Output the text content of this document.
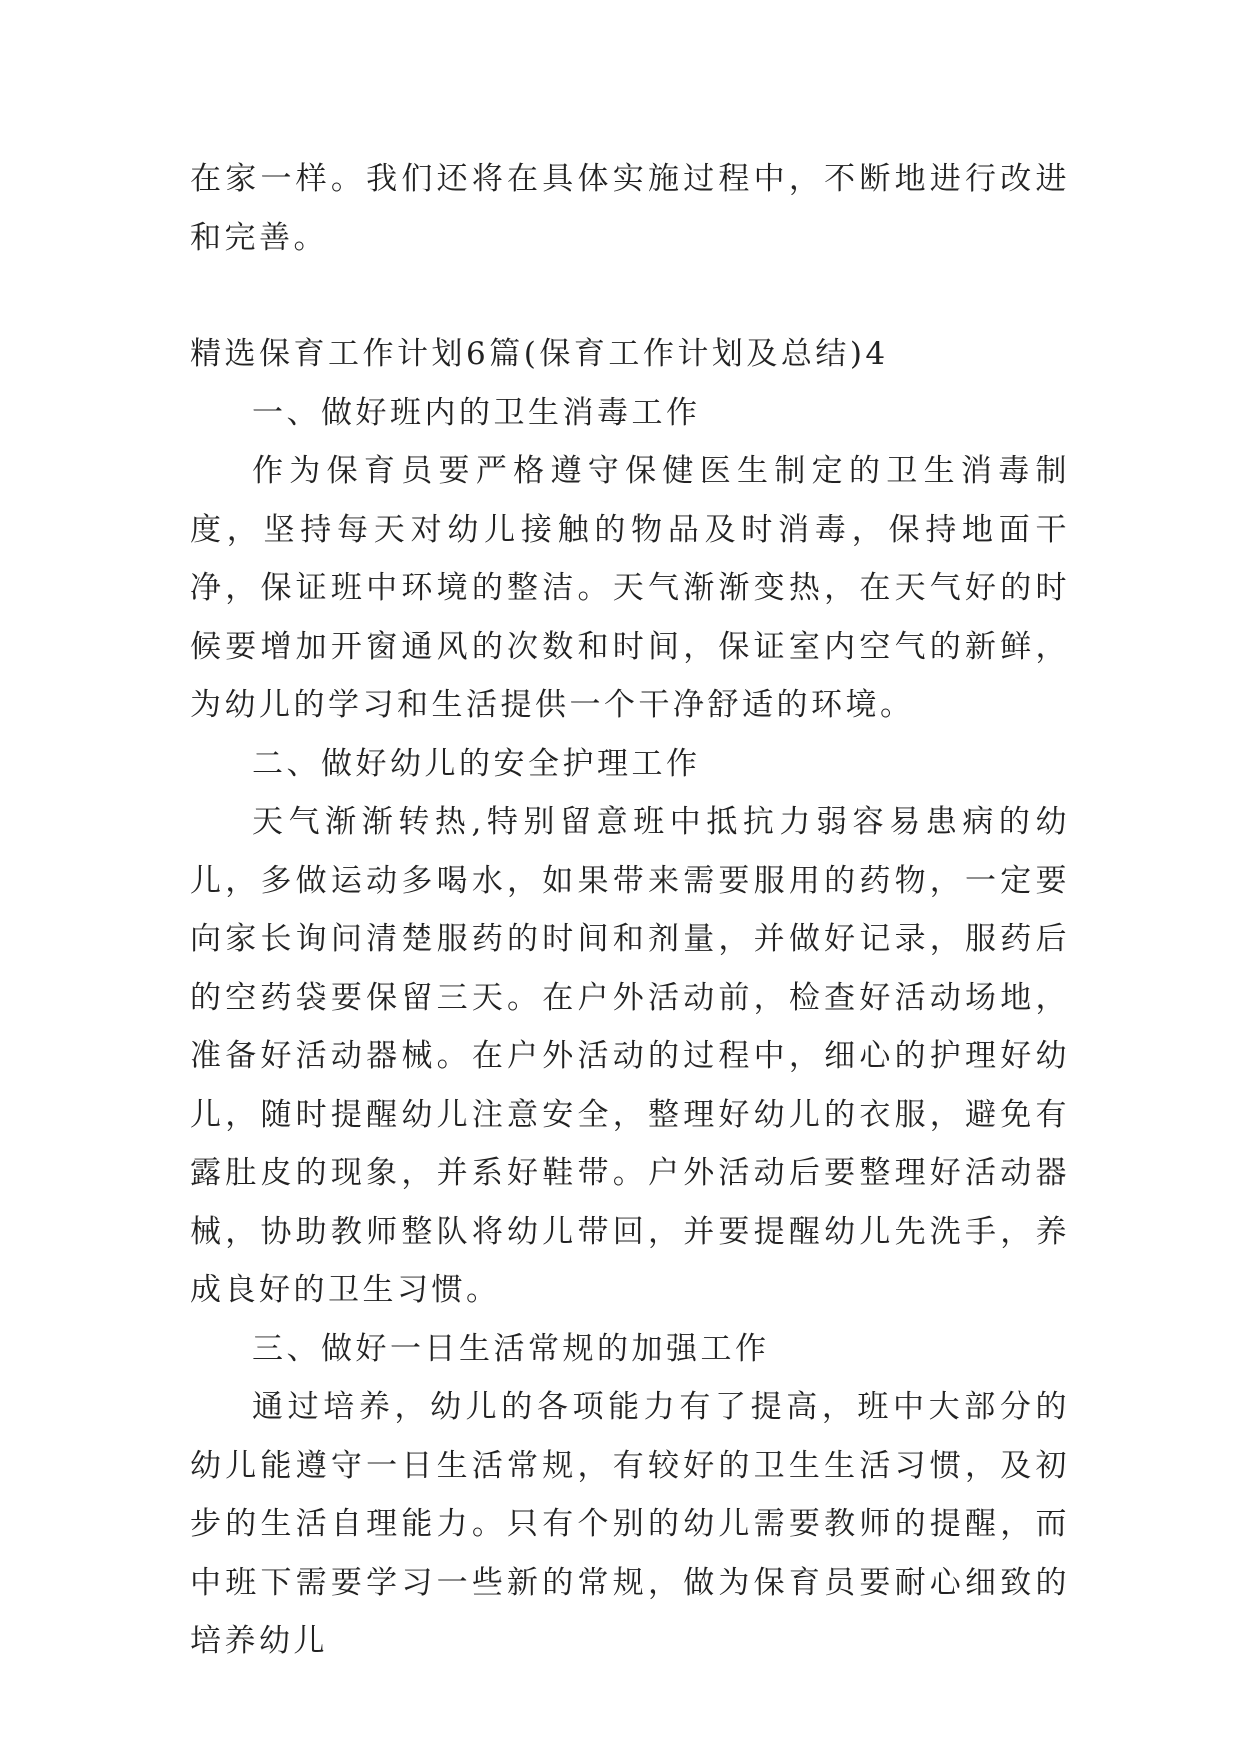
在家一样。我们还将在具体实施过程中，不断地进行改进和完善。

精选保育工作计划6篇(保育工作计划及总结)4

一、做好班内的卫生消毒工作

作为保育员要严格遵守保健医生制定的卫生消毒制度，坚持每天对幼儿接触的物品及时消毒，保持地面干净，保证班中环境的整洁。天气渐渐变热，在天气好的时候要增加开窗通风的次数和时间，保证室内空气的新鲜，为幼儿的学习和生活提供一个干净舒适的环境。

二、做好幼儿的安全护理工作

天气渐渐转热,特别留意班中抵抗力弱容易患病的幼儿，多做运动多喝水，如果带来需要服用的药物，一定要向家长询问清楚服药的时间和剂量，并做好记录，服药后的空药袋要保留三天。在户外活动前，检查好活动场地，准备好活动器械。在户外活动的过程中，细心的护理好幼儿，随时提醒幼儿注意安全，整理好幼儿的衣服，避免有露肚皮的现象，并系好鞋带。户外活动后要整理好活动器械，协助教师整队将幼儿带回，并要提醒幼儿先洗手，养成良好的卫生习惯。

三、做好一日生活常规的加强工作

通过培养，幼儿的各项能力有了提高，班中大部分的幼儿能遵守一日生活常规，有较好的卫生生活习惯，及初步的生活自理能力。只有个别的幼儿需要教师的提醒，而中班下需要学习一些新的常规，做为保育员要耐心细致的培养幼儿
